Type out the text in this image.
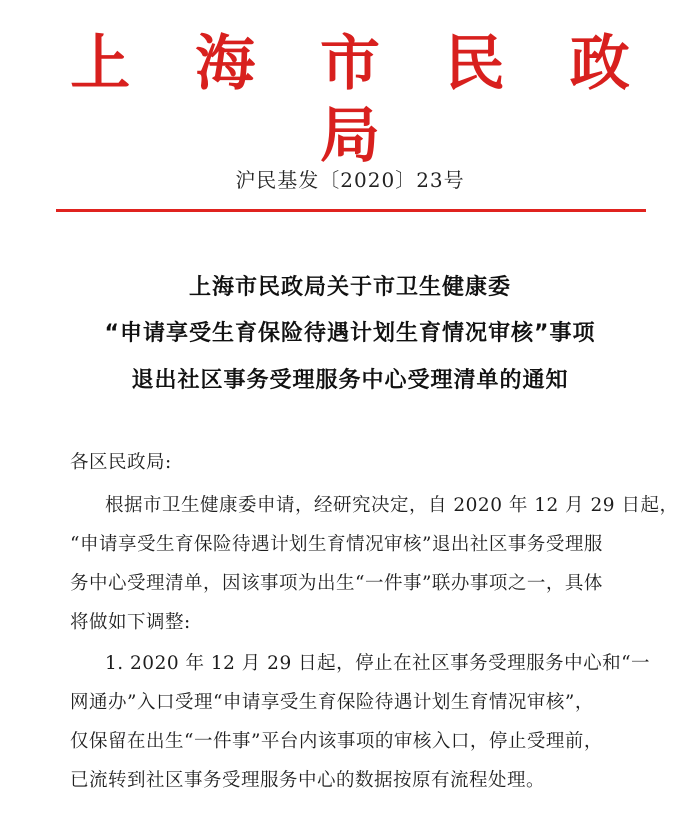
上 海 市 民 政 局
沪民基发〔2020〕23号
上海市民政局关于市卫生健康委
“申请享受生育保险待遇计划生育情况审核”事项
退出社区事务受理服务中心受理清单的通知
各区民政局:
根据市卫生健康委申请，经研究决定，自 2020 年 12 月 29 日起，
“申请享受生育保险待遇计划生育情况审核”退出社区事务受理服
务中心受理清单，因该事项为出生“一件事”联办事项之一，具体
将做如下调整:
1. 2020 年 12 月 29 日起，停止在社区事务受理服务中心和“一
网通办”入口受理“申请享受生育保险待遇计划生育情况审核”，
仅保留在出生“一件事”平台内该事项的审核入口，停止受理前，
已流转到社区事务受理服务中心的数据按原有流程处理。
